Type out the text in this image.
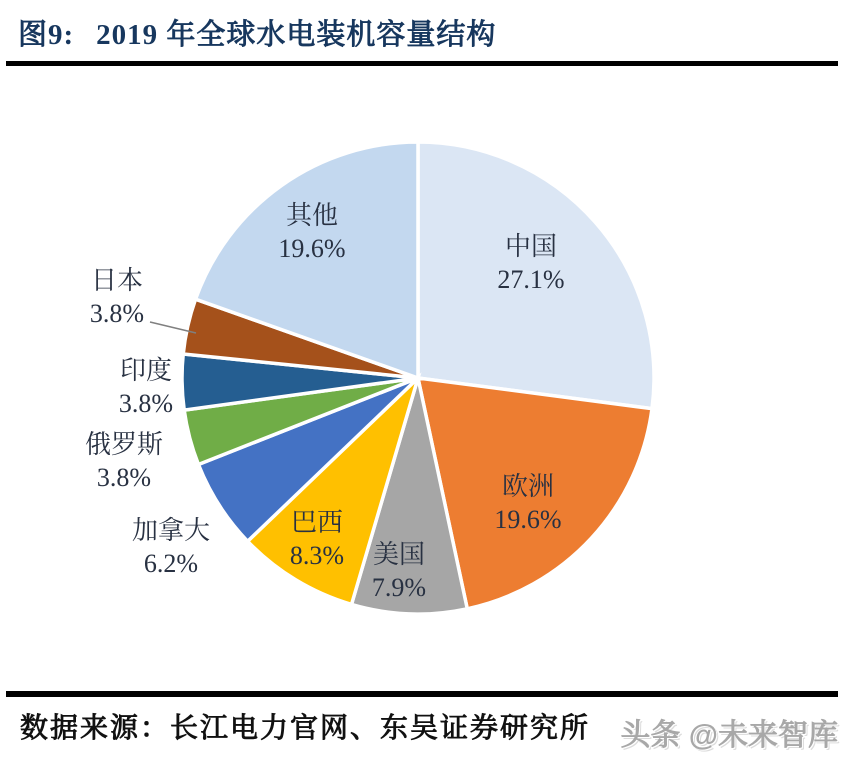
图9: 2019 年全球水电装机容量结构
中国
27.1%
欧洲
19.6%
美国
7.9%
巴西
8.3%
加拿大
6.2%
俄罗斯
3.8%
印度
3.8%
日本
3.8%
其他
19.6%
数据来源：长江电力官网、东吴证券研究所 头条 @未来智库
